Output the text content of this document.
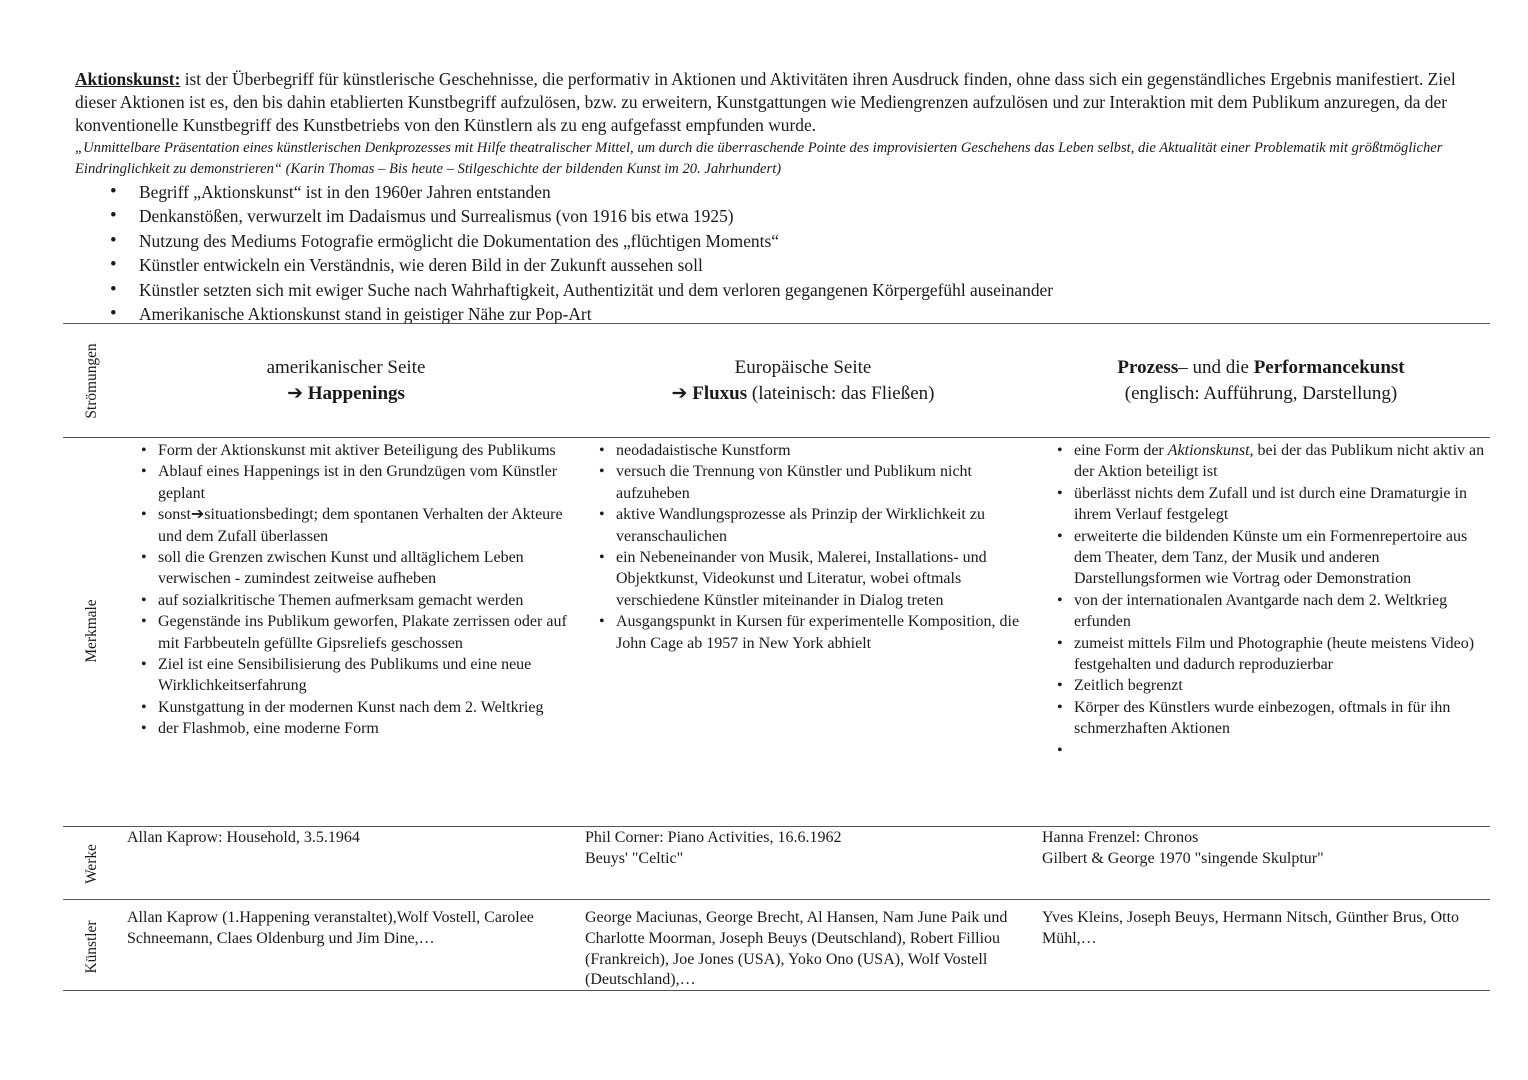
Aktionskunst: ist der Überbegriff für künstlerische Geschehnisse, die performativ in Aktionen und Aktivitäten ihren Ausdruck finden, ohne dass sich ein gegenständliches Ergebnis manifestiert. Ziel dieser Aktionen ist es, den bis dahin etablierten Kunstbegriff aufzulösen, bzw. zu erweitern, Kunstgattungen wie Mediengrenzen aufzulösen und zur Interaktion mit dem Publikum anzuregen, da der konventionelle Kunstbegriff des Kunstbetriebs von den Künstlern als zu eng aufgefasst empfunden wurde.
„Unmittelbare Präsentation eines künstlerischen Denkprozesses mit Hilfe theatralischer Mittel, um durch die überraschende Pointe des improvisierten Geschehens das Leben selbst, die Aktualität einer Problematik mit größtmöglicher Eindringlichkeit zu demonstrieren“ (Karin Thomas – Bis heute – Stilgeschichte der bildenden Kunst im 20. Jahrhundert)
• Begriff „Aktionskunst“ ist in den 1960er Jahren entstanden
• Denkanstößen, verwurzelt im Dadaismus und Surrealismus (von 1916 bis etwa 1925)
• Nutzung des Mediums Fotografie ermöglicht die Dokumentation des „flüchtigen Moments“
• Künstler entwickeln ein Verständnis, wie deren Bild in der Zukunft aussehen soll
• Künstler setzten sich mit ewiger Suche nach Wahrhaftigkeit, Authentizität und dem verloren gegangenen Körpergefühl auseinander
• Amerikanische Aktionskunst stand in geistiger Nähe zur Pop-Art
Strömungen
Merkmale
Werke
Künstler
amerikanischer Seite
➔ Happenings
Europäische Seite
➔ Fluxus (lateinisch: das Fließen)
Prozess– und die Performancekunst
(englisch: Aufführung, Darstellung)
• Form der Aktionskunst mit aktiver Beteiligung des Publikums
• Ablauf eines Happenings ist in den Grundzügen vom Künstler geplant
• sonst➔situationsbedingt; dem spontanen Verhalten der Akteure und dem Zufall überlassen
• soll die Grenzen zwischen Kunst und alltäglichem Leben verwischen - zumindest zeitweise aufheben
• auf sozialkritische Themen aufmerksam gemacht werden
• Gegenstände ins Publikum geworfen, Plakate zerrissen oder auf mit Farbbeuteln gefüllte Gipsreliefs geschossen
• Ziel ist eine Sensibilisierung des Publikums und eine neue Wirklichkeitserfahrung
• Kunstgattung in der modernen Kunst nach dem 2. Weltkrieg
• der Flashmob, eine moderne Form
• neodadaistische Kunstform
• versuch die Trennung von Künstler und Publikum nicht aufzuheben
• aktive Wandlungsprozesse als Prinzip der Wirklichkeit zu veranschaulichen
• ein Nebeneinander von Musik, Malerei, Installations- und Objektkunst, Videokunst und Literatur, wobei oftmals verschiedene Künstler miteinander in Dialog treten
• Ausgangspunkt in Kursen für experimentelle Komposition, die John Cage ab 1957 in New York abhielt
• eine Form der Aktionskunst, bei der das Publikum nicht aktiv an der Aktion beteiligt ist
• überlässt nichts dem Zufall und ist durch eine Dramaturgie in ihrem Verlauf festgelegt
• erweiterte die bildenden Künste um ein Formenrepertoire aus dem Theater, dem Tanz, der Musik und anderen Darstellungsformen wie Vortrag oder Demonstration
• von der internationalen Avantgarde nach dem 2. Weltkrieg erfunden
• zumeist mittels Film und Photographie (heute meistens Video) festgehalten und dadurch reproduzierbar
• Zeitlich begrenzt
• Körper des Künstlers wurde einbezogen, oftmals in für ihn schmerzhaften Aktionen
Allan Kaprow: Household, 3.5.1964	Phil Corner: Piano Activities, 16.6.1962
Beuys' "Celtic"
Hanna Frenzel: Chronos
Gilbert & George 1970 "singende Skulptur"
Allan Kaprow (1.Happening veranstaltet),Wolf Vostell, Carolee Schneemann, Claes Oldenburg und Jim Dine,…
George Maciunas, George Brecht, Al Hansen, Nam June Paik und Charlotte Moorman, Joseph Beuys (Deutschland), Robert Filliou (Frankreich), Joe Jones (USA), Yoko Ono (USA), Wolf Vostell (Deutschland),…
Yves Kleins, Joseph Beuys, Hermann Nitsch, Günther Brus, Otto Mühl,…
